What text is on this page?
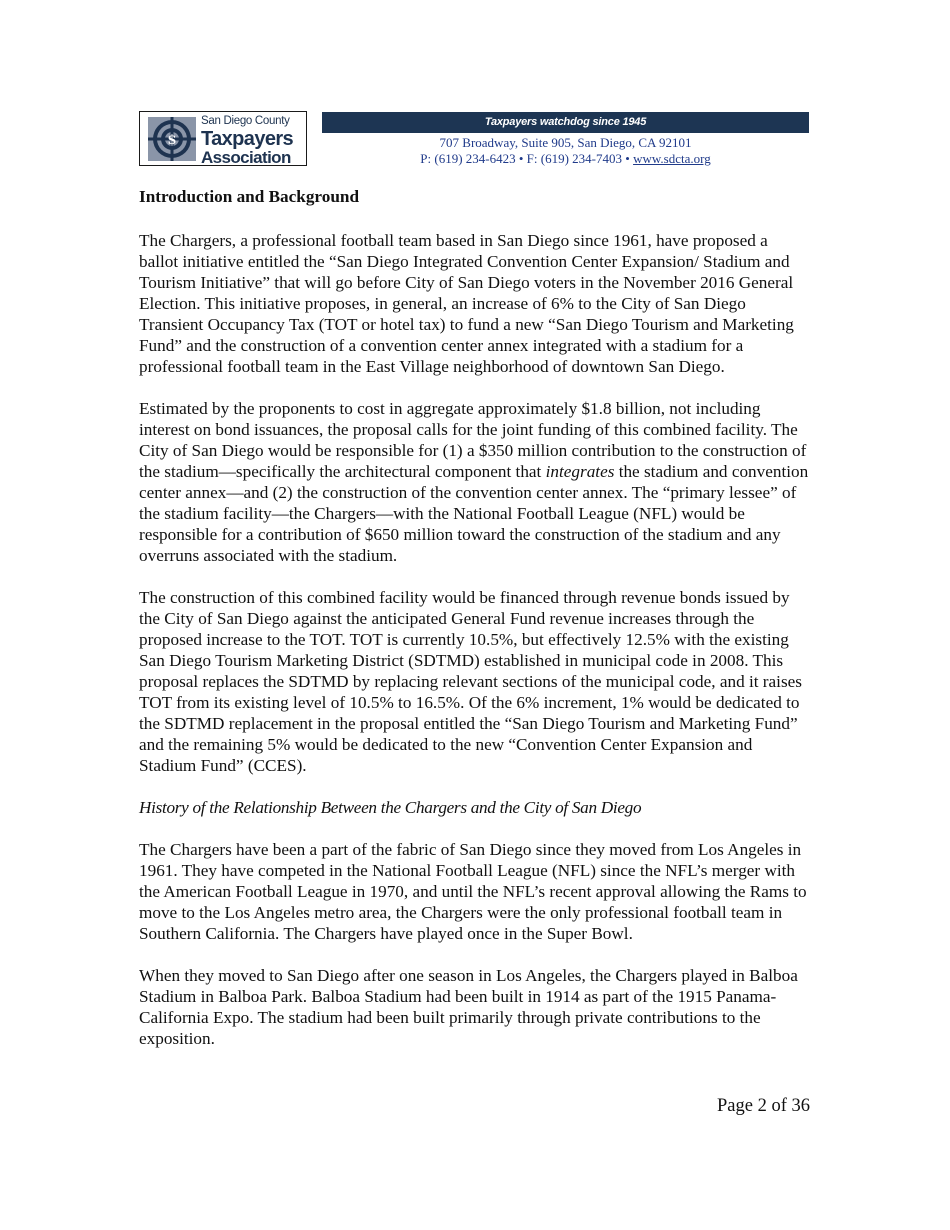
$
San Diego County
Taxpayers
Association
Taxpayers watchdog since 1945
707 Broadway, Suite 905, San Diego, CA 92101
P: (619) 234-6423 • F: (619) 234-7403 • www.sdcta.org
Introduction and Background

The Chargers, a professional football team based in San Diego since 1961, have proposed a ballot initiative entitled the “San Diego Integrated Convention Center Expansion/ Stadium and Tourism Initiative” that will go before City of San Diego voters in the November 2016 General Election. This initiative proposes, in general, an increase of 6% to the City of San Diego Transient Occupancy Tax (TOT or hotel tax) to fund a new “San Diego Tourism and Marketing Fund” and the construction of a convention center annex integrated with a stadium for a professional football team in the East Village neighborhood of downtown San Diego.

Estimated by the proponents to cost in aggregate approximately $1.8 billion, not including interest on bond issuances, the proposal calls for the joint funding of this combined facility. The City of San Diego would be responsible for (1) a $350 million contribution to the construction of the stadium—specifically the architectural component that integrates the stadium and convention center annex—and (2) the construction of the convention center annex. The “primary lessee” of the stadium facility—the Chargers—with the National Football League (NFL) would be responsible for a contribution of $650 million toward the construction of the stadium and any overruns associated with the stadium.

The construction of this combined facility would be financed through revenue bonds issued by the City of San Diego against the anticipated General Fund revenue increases through the proposed increase to the TOT. TOT is currently 10.5%, but effectively 12.5% with the existing San Diego Tourism Marketing District (SDTMD) established in municipal code in 2008. This proposal replaces the SDTMD by replacing relevant sections of the municipal code, and it raises TOT from its existing level of 10.5% to 16.5%. Of the 6% increment, 1% would be dedicated to the SDTMD replacement in the proposal entitled the “San Diego Tourism and Marketing Fund” and the remaining 5% would be dedicated to the new “Convention Center Expansion and Stadium Fund” (CCES).

History of the Relationship Between the Chargers and the City of San Diego

The Chargers have been a part of the fabric of San Diego since they moved from Los Angeles in 1961. They have competed in the National Football League (NFL) since the NFL’s merger with the American Football League in 1970, and until the NFL’s recent approval allowing the Rams to move to the Los Angeles metro area, the Chargers were the only professional football team in Southern California. The Chargers have played once in the Super Bowl.

When they moved to San Diego after one season in Los Angeles, the Chargers played in Balboa Stadium in Balboa Park. Balboa Stadium had been built in 1914 as part of the 1915 Panama-California Expo. The stadium had been built primarily through private contributions to the exposition.

Page 2 of 36
